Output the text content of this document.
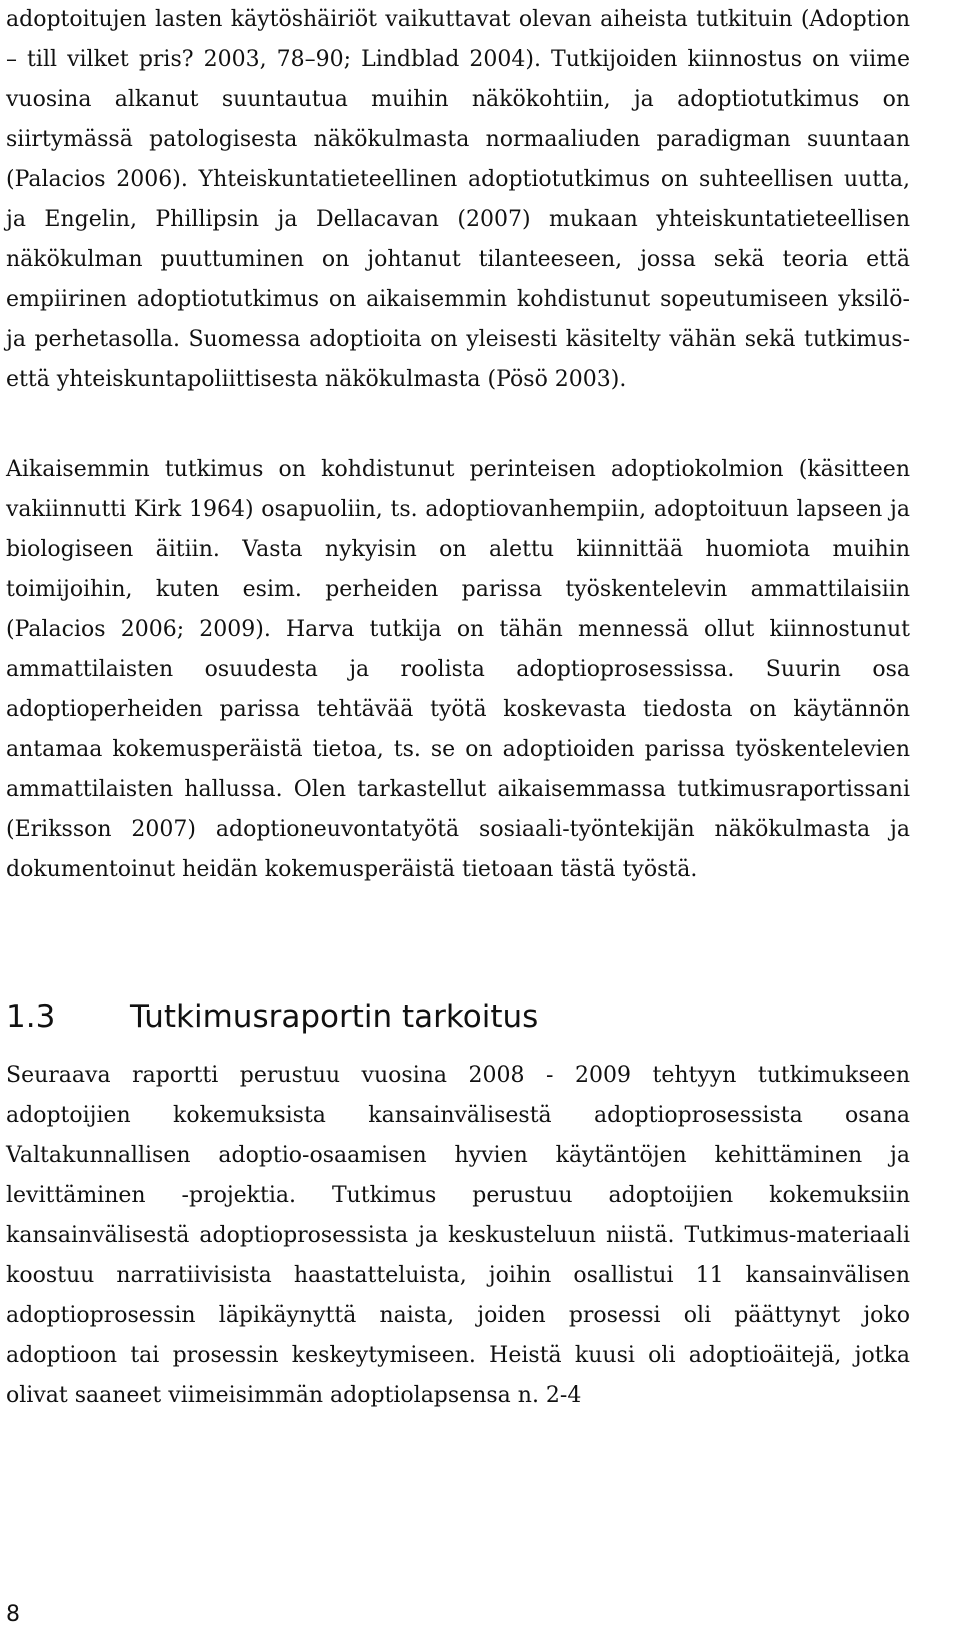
adoptoitujen lasten käytöshäiriöt vaikuttavat olevan aiheista tutkituin (Adoption – till vilket pris? 2003, 78–90; Lindblad 2004). Tutkijoiden kiinnostus on viime vuosina alkanut suuntautua muihin näkökohtiin, ja adoptiotutkimus on siirtymässä patologisesta näkökulmasta normaaliuden paradigman suuntaan (Palacios 2006). Yhteiskuntatieteellinen adoptiotutkimus on suhteellisen uutta, ja Engelin, Phillipsin ja Dellacavan (2007) mukaan yhteiskuntatieteellisen näkökulman puuttuminen on johtanut tilanteeseen, jossa sekä teoria että empiirinen adoptiotutkimus on aikaisemmin kohdistunut sopeutumiseen yksilö- ja perhetasolla. Suomessa adoptioita on yleisesti käsitelty vähän sekä tutkimus- että yhteiskuntapoliittisesta näkökulmasta (Pösö 2003).

Aikaisemmin tutkimus on kohdistunut perinteisen adoptiokolmion (käsitteen vakiinnutti Kirk 1964) osapuoliin, ts. adoptiovanhempiin, adoptoituun lapseen ja biologiseen äitiin. Vasta nykyisin on alettu kiinnittää huomiota muihin toimijoihin, kuten esim. perheiden parissa työskentelevin ammattilaisiin (Palacios 2006; 2009). Harva tutkija on tähän mennessä ollut kiinnostunut ammattilaisten osuudesta ja roolista adoptioprosessissa. Suurin osa adoptioperheiden parissa tehtävää työtä koskevasta tiedosta on käytännön antamaa kokemusperäistä tietoa, ts. se on adoptioiden parissa työskentelevien ammattilaisten hallussa. Olen tarkastellut aikaisemmassa tutkimusraportissani (Eriksson 2007) adoptioneuvontatyötä sosiaali-työntekijän näkökulmasta ja dokumentoinut heidän kokemusperäistä tietoaan tästä työstä.

1.3	Tutkimusraportin tarkoitus

Seuraava raportti perustuu vuosina 2008 - 2009 tehtyyn tutkimukseen adoptoijien kokemuksista kansainvälisestä adoptioprosessista osana Valtakunnallisen adoptio-osaamisen hyvien käytäntöjen kehittäminen ja levittäminen -projektia. Tutkimus perustuu adoptoijien kokemuksiin kansainvälisestä adoptioprosessista ja keskusteluun niistä. Tutkimus-materiaali koostuu narratiivisista haastatteluista, joihin osallistui 11 kansainvälisen adoptioprosessin läpikäynyttä naista, joiden prosessi oli päättynyt joko adoptioon tai prosessin keskeytymiseen. Heistä kuusi oli adoptioäitejä, jotka olivat saaneet viimeisimmän adoptiolapsensa n. 2-4

8
